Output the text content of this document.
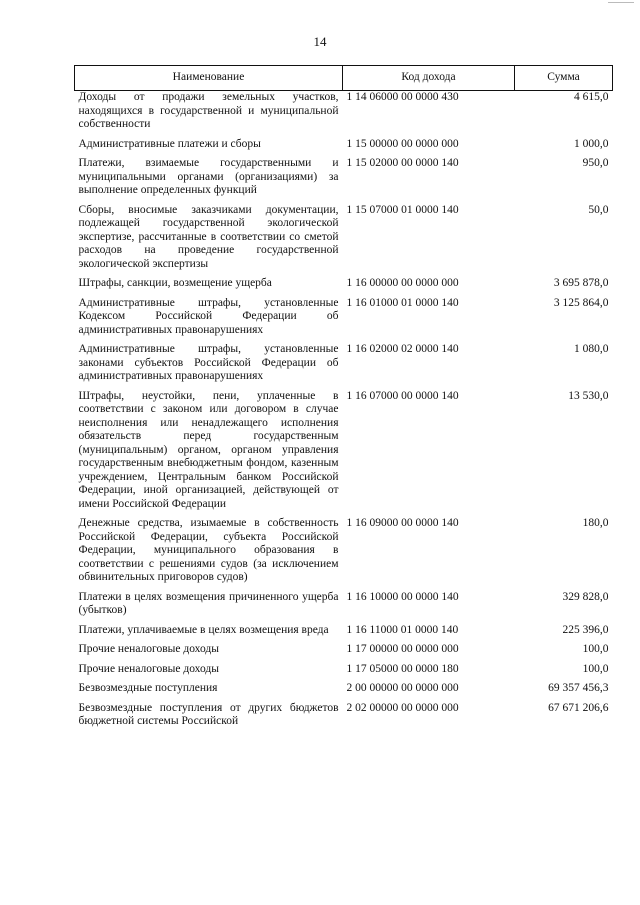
14
Наименование	Код дохода	Сумма
Доходы от продажи земельных участков, находящихся в государственной и муниципальной собственности	1 14 06000 00 0000 430	4 615,0
Административные платежи и сборы	1 15 00000 00 0000 000	1 000,0
Платежи, взимаемые государственными и муниципальными органами (организациями) за выполнение определенных функций	1 15 02000 00 0000 140	950,0
Сборы, вносимые заказчиками документации, подлежащей государственной экологической экспертизе, рассчитанные в соответствии со сметой расходов на проведение государственной экологической экспертизы	1 15 07000 01 0000 140	50,0
Штрафы, санкции, возмещение ущерба	1 16 00000 00 0000 000	3 695 878,0
Административные штрафы, установленные Кодексом Российской Федерации об административных правонарушениях	1 16 01000 01 0000 140	3 125 864,0
Административные штрафы, установленные законами субъектов Российской Федерации об административных правонарушениях	1 16 02000 02 0000 140	1 080,0
Штрафы, неустойки, пени, уплаченные в соответствии с законом или договором в случае неисполнения или ненадлежащего исполнения обязательств перед государственным (муниципальным) органом, органом управления государственным внебюджетным фондом, казенным учреждением, Центральным банком Российской Федерации, иной организацией, действующей от имени Российской Федерации	1 16 07000 00 0000 140	13 530,0
Денежные средства, изымаемые в собственность Российской Федерации, субъекта Российской Федерации, муниципального образования в соответствии с решениями судов (за исключением обвинительных приговоров судов)	1 16 09000 00 0000 140	180,0
Платежи в целях возмещения причиненного ущерба (убытков)	1 16 10000 00 0000 140	329 828,0
Платежи, уплачиваемые в целях возмещения вреда	1 16 11000 01 0000 140	225 396,0
Прочие неналоговые доходы	1 17 00000 00 0000 000	100,0
Прочие неналоговые доходы	1 17 05000 00 0000 180	100,0
Безвозмездные поступления	2 00 00000 00 0000 000	69 357 456,3
Безвозмездные поступления от других бюджетов бюджетной системы Российской	2 02 00000 00 0000 000	67 671 206,6
